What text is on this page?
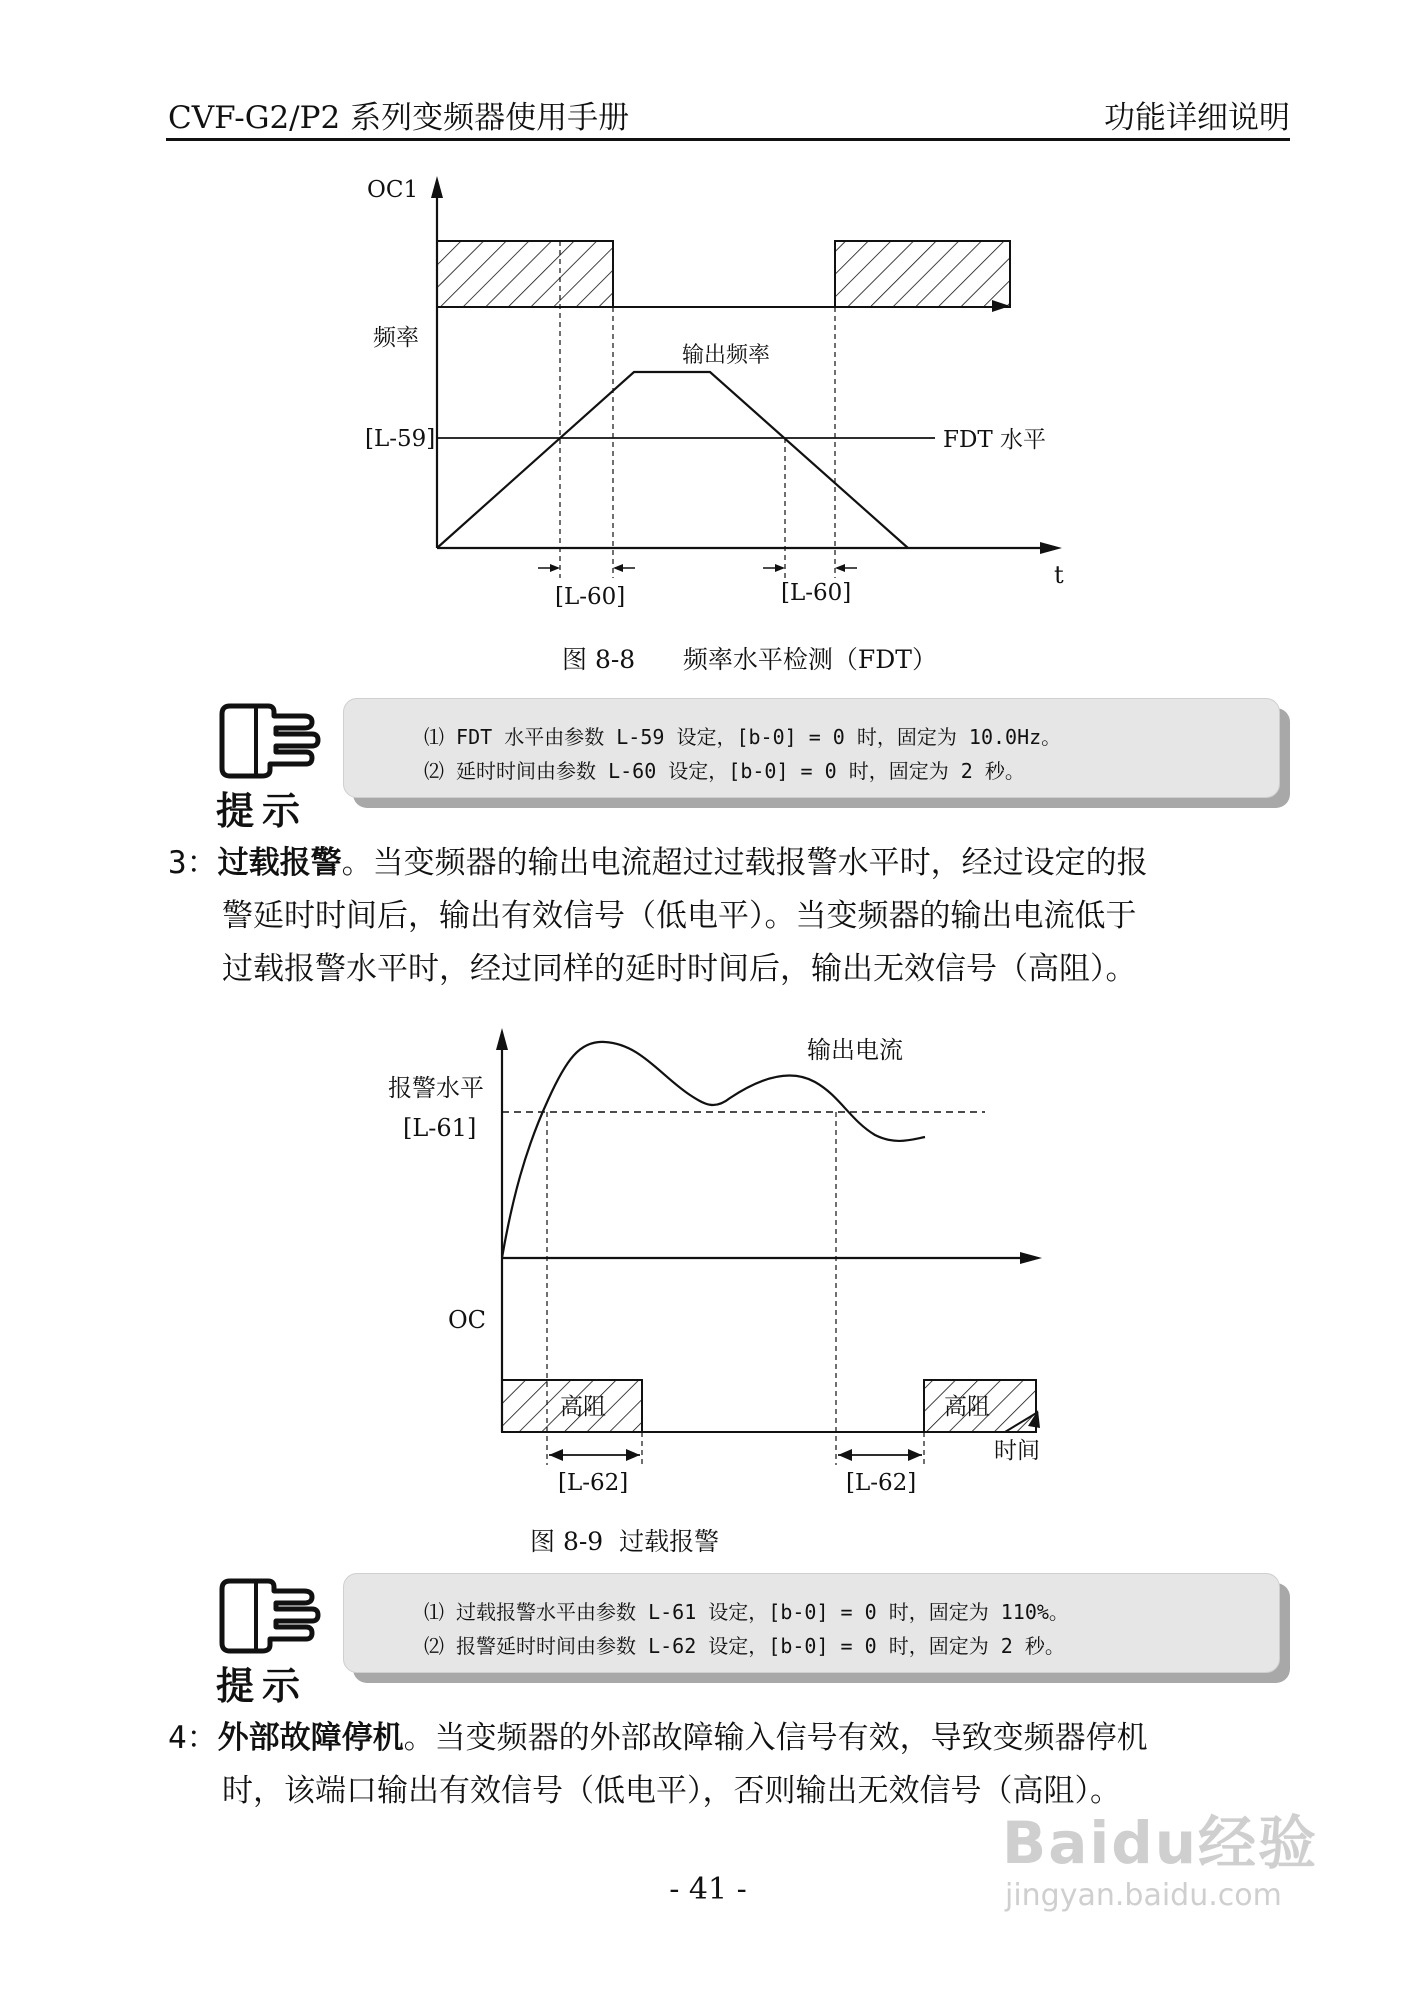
CVF-G2/P2 系列变频器使用手册	功能详细说明
OC1
频率
输出频率
[L-59]	FDT 水平
t
[L-60]	[L-60]
图 8-8      频率水平检测（FDT）
提示
⑴ FDT 水平由参数 L-59 设定，[b-0] = 0 时，固定为 10.0Hz。
⑵ 延时时间由参数 L-60 设定，[b-0] = 0 时，固定为 2 秒。
3：过载报警。当变频器的输出电流超过过载报警水平时，经过设定的报
警延时时间后，输出有效信号（低电平）。当变频器的输出电流低于
过载报警水平时，经过同样的延时时间后，输出无效信号（高阻）。
输出电流
报警水平
[L-61]
OC
高阻	高阻
时间
[L-62]	[L-62]
图 8-9  过载报警
提示
⑴ 过载报警水平由参数 L-61 设定，[b-0] = 0 时，固定为 110%。
⑵ 报警延时时间由参数 L-62 设定，[b-0] = 0 时，固定为 2 秒。
4：外部故障停机。当变频器的外部故障输入信号有效，导致变频器停机
时，该端口输出有效信号（低电平），否则输出无效信号（高阻）。
- 41 -
Baidu经验
jingyan.baidu.com
